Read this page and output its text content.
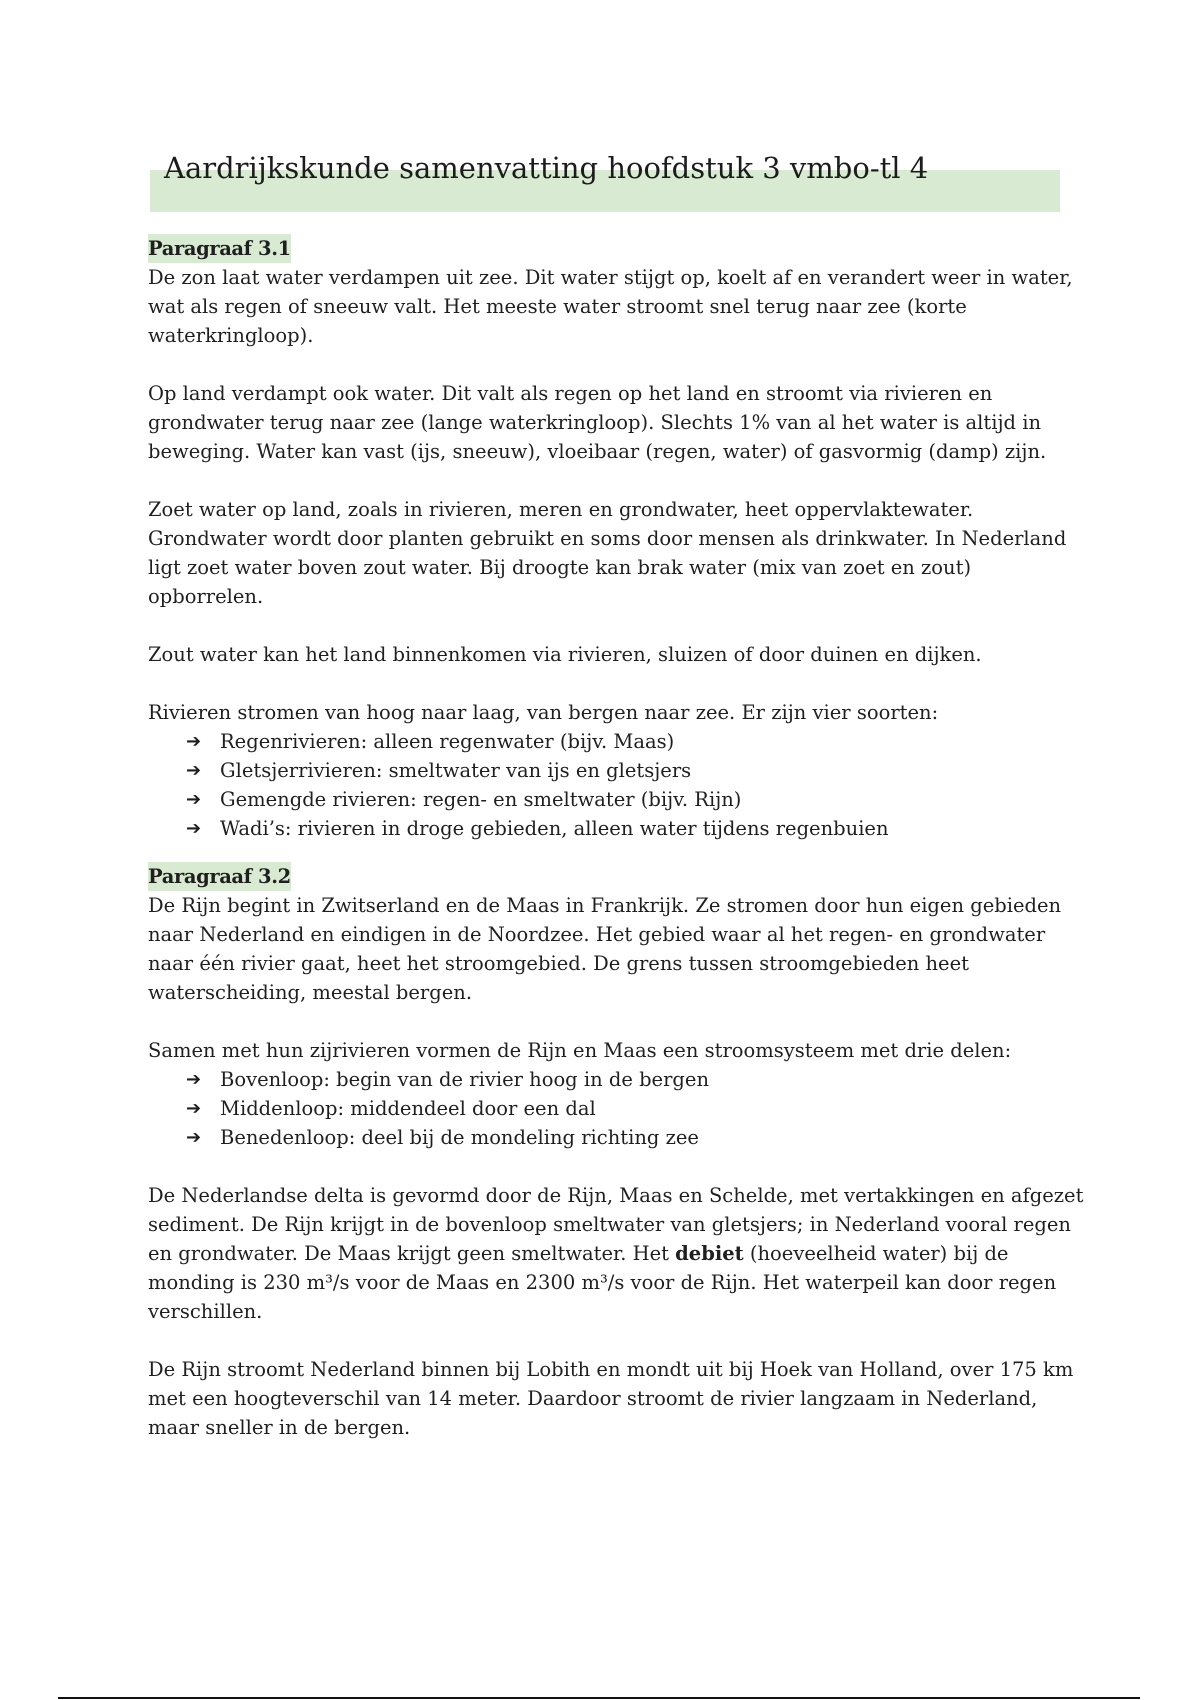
Aardrijkskunde samenvatting hoofdstuk 3 vmbo-tl 4
Paragraaf 3.1

De zon laat water verdampen uit zee. Dit water stijgt op, koelt af en verandert weer in water, wat als regen of sneeuw valt. Het meeste water stroomt snel terug naar zee (korte waterkringloop).

Op land verdampt ook water. Dit valt als regen op het land en stroomt via rivieren en grondwater terug naar zee (lange waterkringloop). Slechts 1% van al het water is altijd in beweging. Water kan vast (ijs, sneeuw), vloeibaar (regen, water) of gasvormig (damp) zijn.

Zoet water op land, zoals in rivieren, meren en grondwater, heet oppervlaktewater. Grondwater wordt door planten gebruikt en soms door mensen als drinkwater. In Nederland ligt zoet water boven zout water. Bij droogte kan brak water (mix van zoet en zout) opborrelen.

Zout water kan het land binnenkomen via rivieren, sluizen of door duinen en dijken.

Rivieren stromen van hoog naar laag, van bergen naar zee. Er zijn vier soorten:

➔ Regenrivieren: alleen regenwater (bijv. Maas)
➔ Gletsjerrivieren: smeltwater van ijs en gletsjers
➔ Gemengde rivieren: regen- en smeltwater (bijv. Rijn)
➔ Wadi’s: rivieren in droge gebieden, alleen water tijdens regenbuien
Paragraaf 3.2

De Rijn begint in Zwitserland en de Maas in Frankrijk. Ze stromen door hun eigen gebieden naar Nederland en eindigen in de Noordzee. Het gebied waar al het regen- en grondwater naar één rivier gaat, heet het stroomgebied. De grens tussen stroomgebieden heet waterscheiding, meestal bergen.

Samen met hun zijrivieren vormen de Rijn en Maas een stroomsysteem met drie delen:

➔ Bovenloop: begin van de rivier hoog in de bergen
➔ Middenloop: middendeel door een dal
➔ Benedenloop: deel bij de mondeling richting zee

De Nederlandse delta is gevormd door de Rijn, Maas en Schelde, met vertakkingen en afgezet sediment. De Rijn krijgt in de bovenloop smeltwater van gletsjers; in Nederland vooral regen en grondwater. De Maas krijgt geen smeltwater. Het debiet (hoeveelheid water) bij de monding is 230 m³/s voor de Maas en 2300 m³/s voor de Rijn. Het waterpeil kan door regen verschillen.

De Rijn stroomt Nederland binnen bij Lobith en mondt uit bij Hoek van Holland, over 175 km met een hoogteverschil van 14 meter. Daardoor stroomt de rivier langzaam in Nederland, maar sneller in de bergen.
